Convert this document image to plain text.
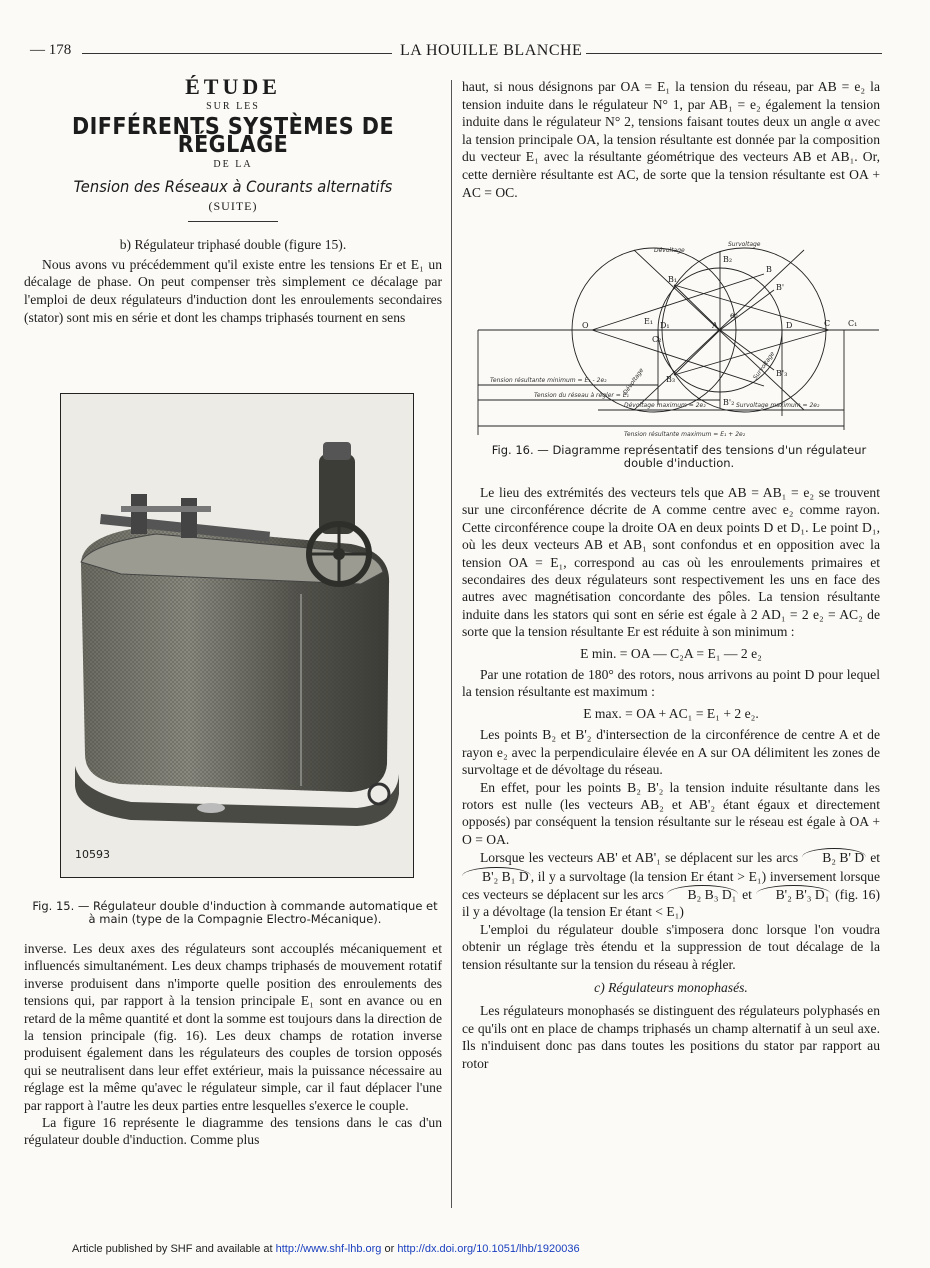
— 178	LA HOUILLE BLANCHE
ÉTUDE
SUR LES
DIFFÉRENTS SYSTÈMES DE RÉGLAGE
DE LA
Tension des Réseaux à Courants alternatifs
(SUITE)

b) Régulateur triphasé double (figure 15).

Nous avons vu précédemment qu'il existe entre les tensions Er et E₁ un décalage de phase. On peut compenser très simplement ce décalage par l'emploi de deux régulateurs d'induction dont les enroulements secondaires (stator) sont mis en série et dont les champs triphasés tournent en sens

10593
Fig. 15. — Régulateur double d'induction à commande automatique et à main (type de la Compagnie Electro-Mécanique).

inverse. Les deux axes des régulateurs sont accouplés mécaniquement et influencés simultanément. Les deux champs triphasés de mouvement rotatif inverse produisent dans n'importe quelle position des enroulements des tensions qui, par rapport à la tension principale E₁ sont en avance ou en retard de la même quantité et dont la somme est toujours dans la direction de la tension principale (fig. 16). Les deux champs de rotation inverse produisent également dans les régulateurs des couples de torsion opposés qui se neutralisent dans leur effet extérieur, mais la puissance nécessaire au réglage est la même qu'avec le régulateur simple, car il faut déplacer l'une par rapport à l'autre les deux parties entre lesquelles s'exerce le couple.

La figure 16 représente le diagramme des tensions dans le cas d'un régulateur double d'induction. Comme plus

haut, si nous désignons par OA = E₁ la tension du réseau, par AB = e₂ la tension induite dans le régulateur N° 1, par AB₁ = e₂ également la tension induite dans le régulateur N° 2, tensions faisant toutes deux un angle α avec la tension principale OA, la tension résultante est donnée par la composition du vecteur E₁ avec la résultante géométrique des vecteurs AB et AB₁. Or, cette dernière résultante est AC, de sorte que la tension résultante est OA + AC = OC.

Dévoltage
Survoltage
Dévoltage
Survoltage
O	A	C C₁
C₂
D
D₁
B
B₁
B₂
B'₂
B'
B₃
B'₃
E₁
e₂
Tension résultante minimum = E₁ - 2e₂
Tension du réseau à régler = E₁
Dévoltage maximum = 2e₂	Survoltage maximum = 2e₂
Tension résultante maximum = E₁ + 2e₂
Fig. 16. — Diagramme représentatif des tensions d'un régulateur double d'induction.

Le lieu des extrémités des vecteurs tels que AB = AB₁ = e₂ se trouvent sur une circonférence décrite de A comme centre avec e₂ comme rayon. Cette circonférence coupe la droite OA en deux points D et D₁. Le point D₁, où les deux vecteurs AB et AB₁ sont confondus et en opposition avec la tension OA = E₁, correspond au cas où les enroulements primaires et secondaires des deux régulateurs sont respectivement les uns en face des autres avec magnétisation concordante des pôles. La tension résultante induite dans les stators qui sont en série est égale à 2 AD₁ = 2 e₂ = AC₂ de sorte que la tension résultante Er est réduite à son minimum :

E min. = OA — C₂A = E₁ — 2 e₂

Par une rotation de 180° des rotors, nous arrivons au point D pour lequel la tension résultante est maximum :

E max. = OA + AC₁ = E₁ + 2 e₂.

Les points B₂ et B'₂ d'intersection de la circonférence de centre A et de rayon e₂ avec la perpendiculaire élevée en A sur OA délimitent les zones de survoltage et de dévoltage du réseau.

En effet, pour les points B₂ B'₂ la tension induite résultante dans les rotors est nulle (les vecteurs AB₂ et AB'₂ étant égaux et directement opposés) par conséquent la tension résultante sur le réseau est égale à OA + O = OA.

Lorsque les vecteurs AB' et AB'₁ se déplacent sur les arcs B₂ B' D et B'₂ B₁ D , il y a survoltage (la tension Er étant > E₁) inversement lorsque ces vecteurs se déplacent sur les arcs B₂ B₃ D₁ et B'₂ B'₃ D₁ (fig. 16) il y a dévoltage (la tension Er étant < E₁)

L'emploi du régulateur double s'imposera donc lorsque l'on voudra obtenir un réglage très étendu et la suppression de tout décalage de la tension résultante sur la tension du réseau à régler.

c) Régulateurs monophasés.

Les régulateurs monophasés se distinguent des régulateurs polyphasés en ce qu'ils ont en place de champs triphasés un champ alternatif à un seul axe. Ils n'induisent donc pas dans toutes les positions du stator par rapport au rotor

Article published by SHF and available at http://www.shf-lhb.org or http://dx.doi.org/10.1051/lhb/1920036
